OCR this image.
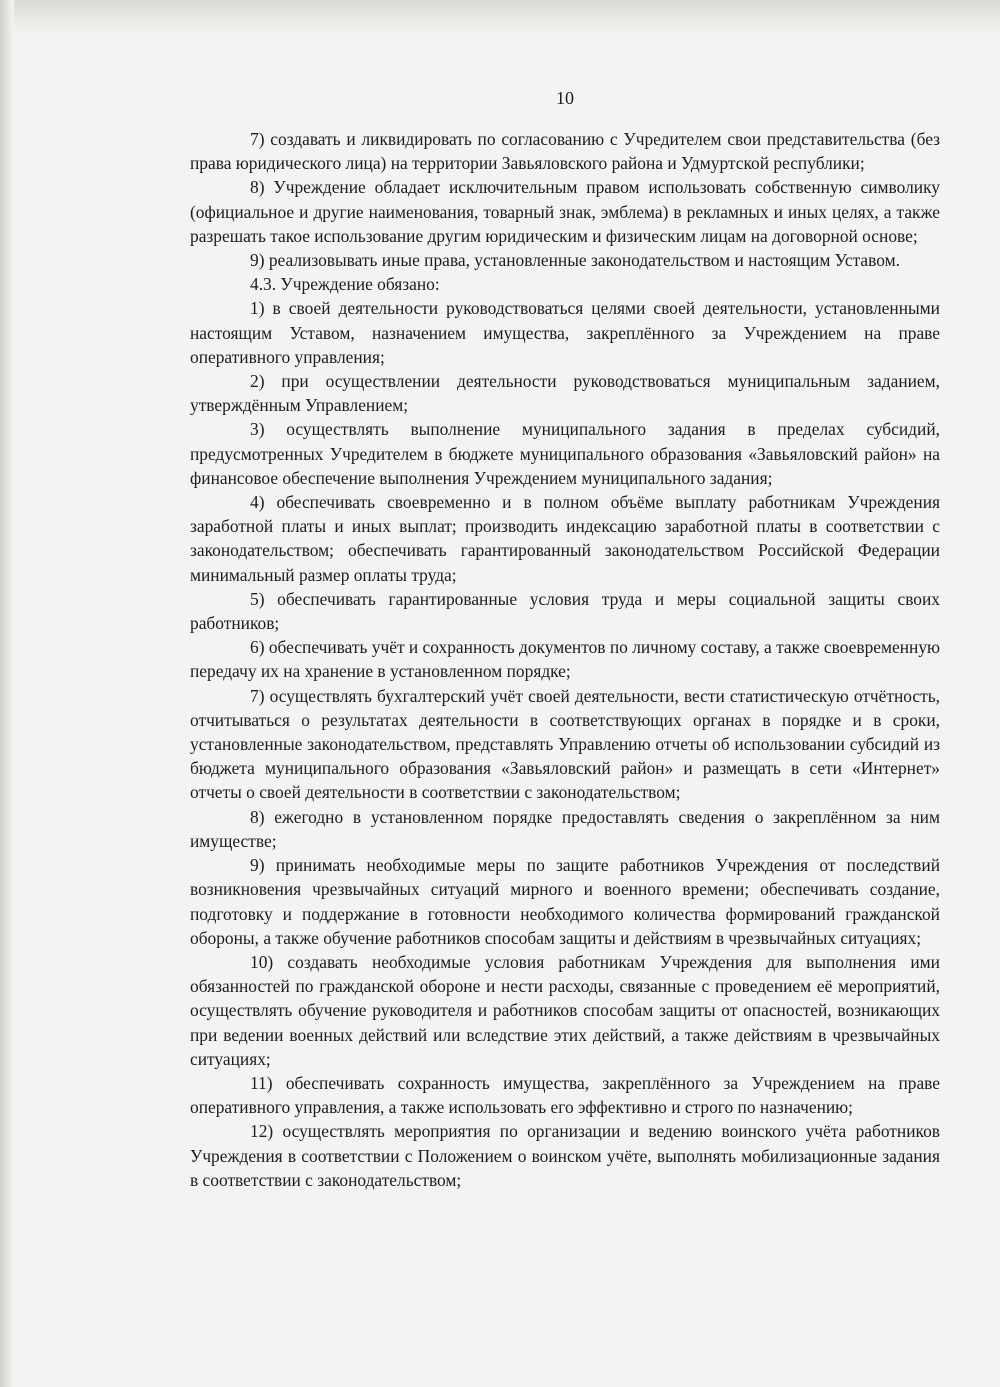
10

7) создавать и ликвидировать по согласованию с Учредителем свои представительства (без права юридического лица) на территории Завьяловского района и Удмуртской республики;

8) Учреждение обладает исключительным правом использовать собственную символику (официальное и другие наименования, товарный знак, эмблема) в рекламных и иных целях, а также разрешать такое использование другим юридическим и физическим лицам на договорной основе;

9) реализовывать иные права, установленные законодательством и настоящим Уставом.

4.3. Учреждение обязано:

1) в своей деятельности руководствоваться целями своей деятельности, установленными настоящим Уставом, назначением имущества, закреплённого за Учреждением на праве оперативного управления;

2) при осуществлении деятельности руководствоваться муниципальным заданием, утверждённым Управлением;

3) осуществлять выполнение муниципального задания в пределах субсидий, предусмотренных Учредителем в бюджете муниципального образования «Завьяловский район» на финансовое обеспечение выполнения Учреждением муниципального задания;

4) обеспечивать своевременно и в полном объёме выплату работникам Учреждения заработной платы и иных выплат; производить индексацию заработной платы в соответствии с законодательством; обеспечивать гарантированный законодательством Российской Федерации минимальный размер оплаты труда;

5) обеспечивать гарантированные условия труда и меры социальной защиты своих работников;

6) обеспечивать учёт и сохранность документов по личному составу, а также своевременную передачу их на хранение в установленном порядке;

7) осуществлять бухгалтерский учёт своей деятельности, вести статистическую отчётность, отчитываться о результатах деятельности в соответствующих органах в порядке и в сроки, установленные законодательством, представлять Управлению отчеты об использовании субсидий из бюджета муниципального образования «Завьяловский район» и размещать в сети «Интернет» отчеты о своей деятельности в соответствии с законодательством;

8) ежегодно в установленном порядке предоставлять сведения о закреплённом за ним имуществе;

9) принимать необходимые меры по защите работников Учреждения от последствий возникновения чрезвычайных ситуаций мирного и военного времени; обеспечивать создание, подготовку и поддержание в готовности необходимого количества формирований гражданской обороны, а также обучение работников способам защиты и действиям в чрезвычайных ситуациях;

10) создавать необходимые условия работникам Учреждения для выполнения ими обязанностей по гражданской обороне и нести расходы, связанные с проведением её мероприятий, осуществлять обучение руководителя и работников способам защиты от опасностей, возникающих при ведении военных действий или вследствие этих действий, а также действиям в чрезвычайных ситуациях;

11) обеспечивать сохранность имущества, закреплённого за Учреждением на праве оперативного управления, а также использовать его эффективно и строго по назначению;

12) осуществлять мероприятия по организации и ведению воинского учёта работников Учреждения в соответствии с Положением о воинском учёте, выполнять мобилизационные задания в соответствии с законодательством;
